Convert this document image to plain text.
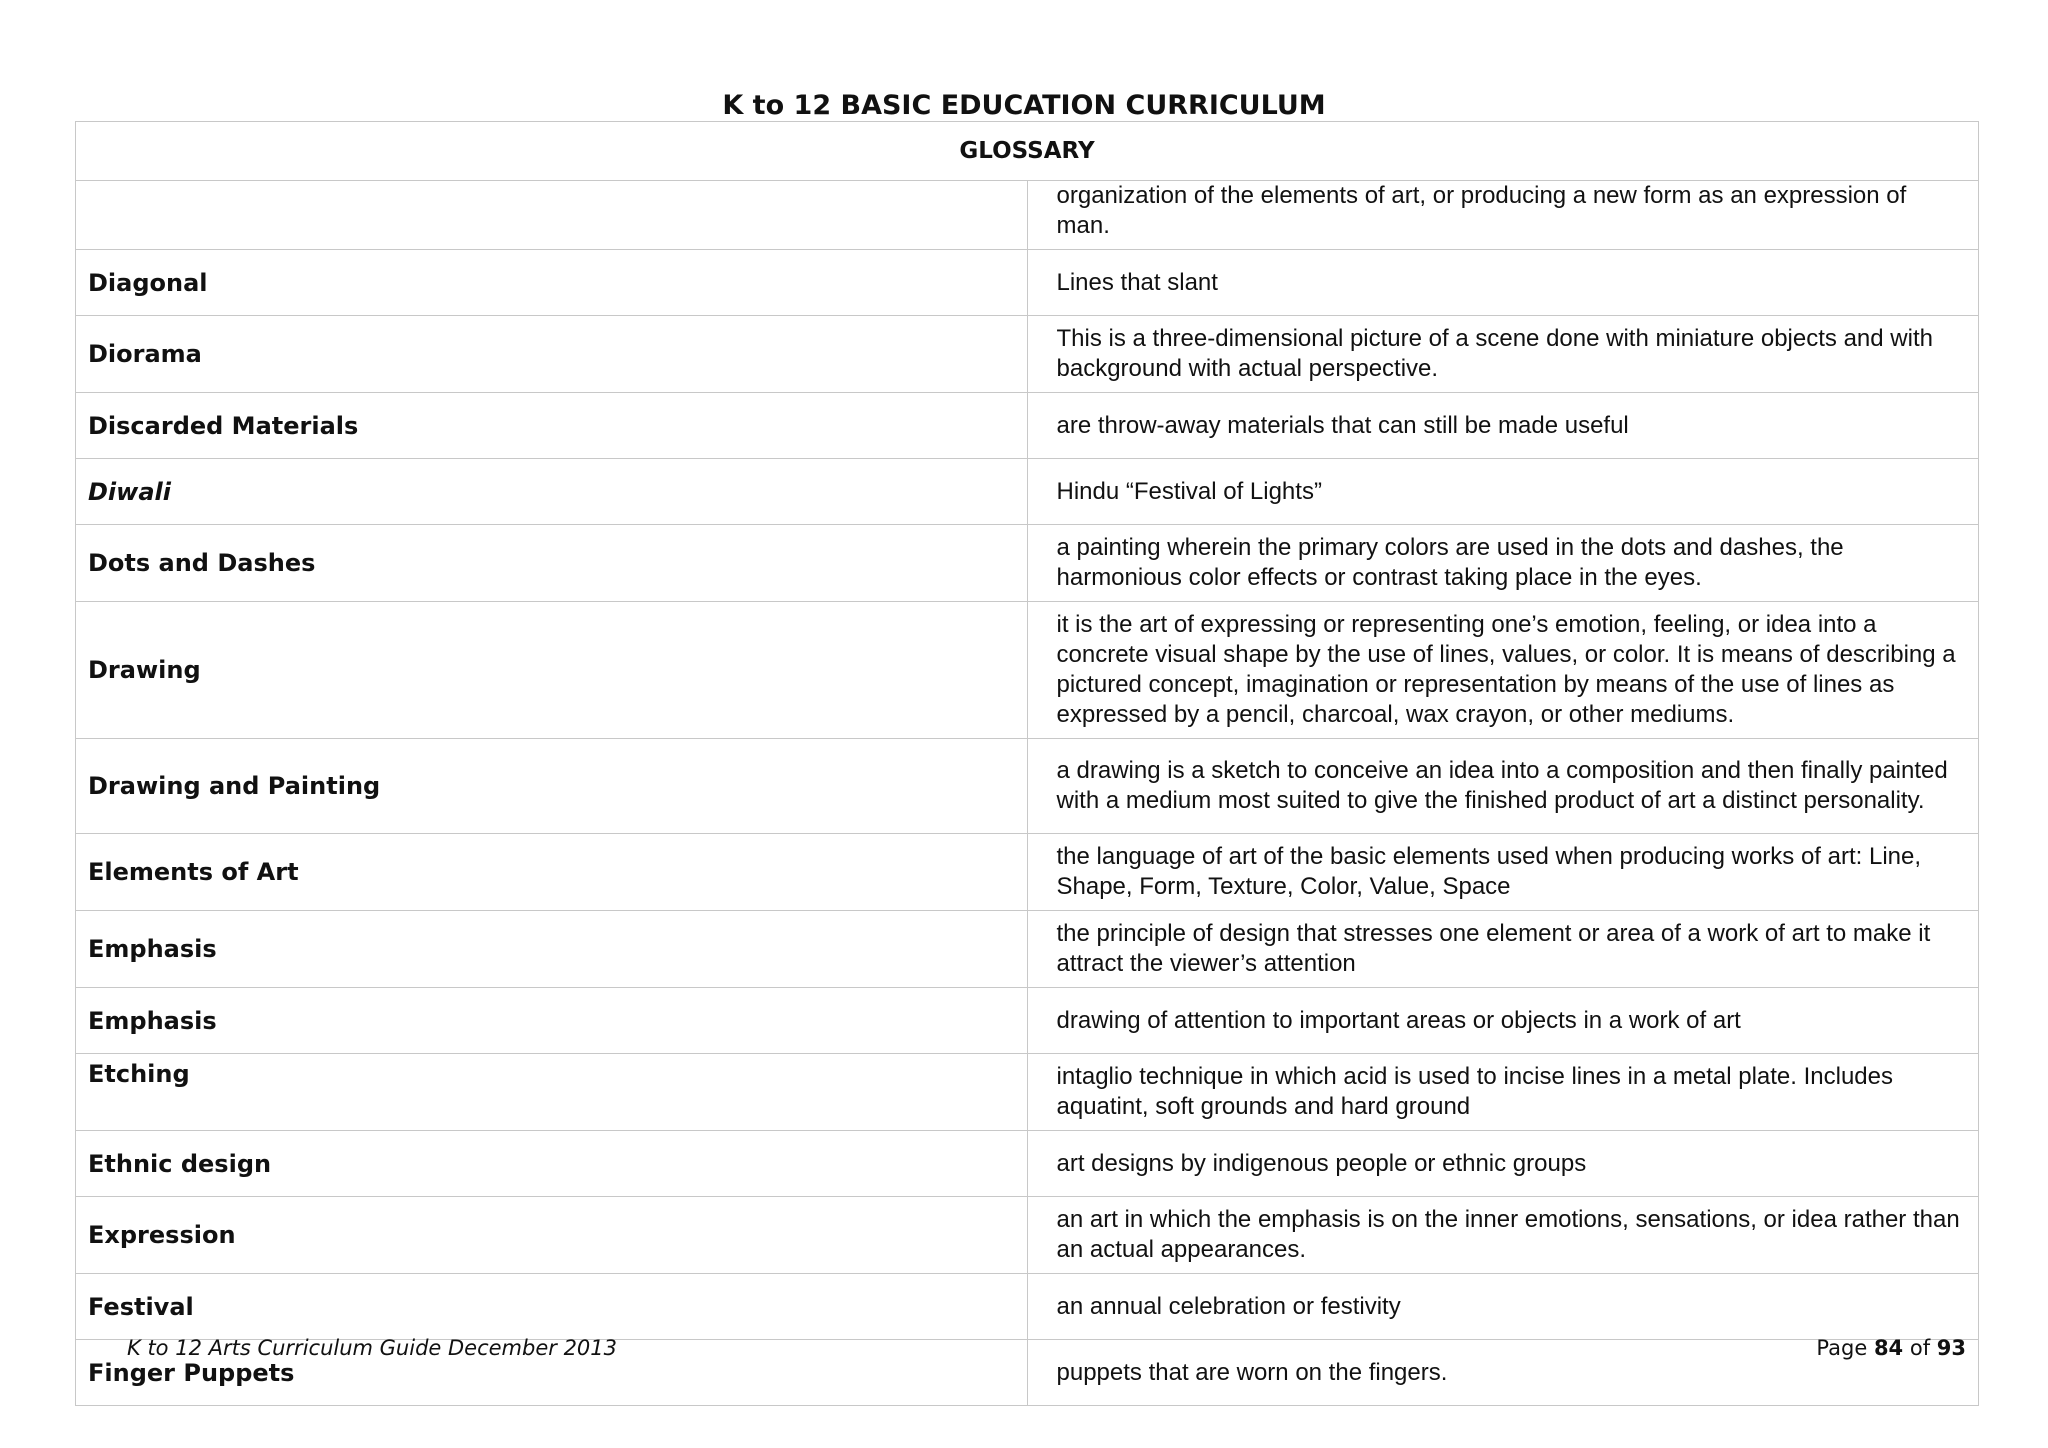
K to 12 BASIC EDUCATION CURRICULUM
GLOSSARY	
	organization of the elements of art, or producing a new form as an expression of man.
Diagonal	Lines that slant
Diorama	This is a three-dimensional picture of a scene done with miniature objects and with background with actual perspective.
Discarded Materials	are throw-away materials that can still be made useful
Diwali	Hindu “Festival of Lights”
Dots and Dashes	a painting wherein the primary colors are used in the dots and dashes, the harmonious color effects or contrast taking place in the eyes.
Drawing	it is the art of expressing or representing one’s emotion, feeling, or idea into a concrete visual shape by the use of lines, values, or color. It is means of describing a pictured concept, imagination or representation by means of the use of lines as expressed by a pencil, charcoal, wax crayon, or other mediums.
Drawing and Painting	a drawing is a sketch to conceive an idea into a composition and then finally painted with a medium most suited to give the finished product of art a distinct personality.
Elements of Art	the language of art of the basic elements used when producing works of art: Line, Shape, Form, Texture, Color, Value, Space
Emphasis	the principle of design that stresses one element or area of a work of art to make it attract the viewer’s attention
Emphasis	drawing of attention to important areas or objects in a work of art
Etching	intaglio technique in which acid is used to incise lines in a metal plate. Includes aquatint, soft grounds and hard ground
Ethnic design	art designs by indigenous people or ethnic groups
Expression	an art in which the emphasis is on the inner emotions, sensations, or idea rather than an actual appearances.
Festival	an annual celebration or festivity
Finger Puppets	puppets that are worn on the fingers.
K to 12 Arts Curriculum Guide December 2013	Page 84 of 93
